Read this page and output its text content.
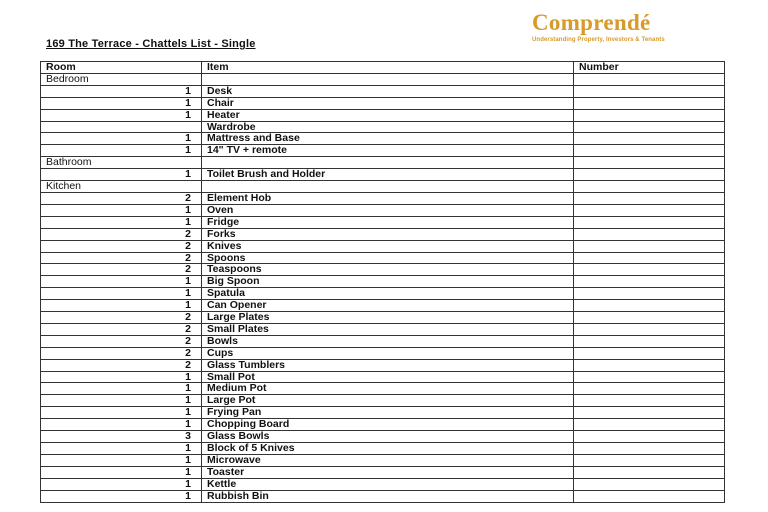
Comprendé
Understanding Property, Investors & Tenants
169 The Terrace - Chattels List - Single
Room	Item	Number
Bedroom		
1	Desk	
1	Chair	
1	Heater	
	Wardrobe	
1	Mattress and Base	
1	14" TV + remote	
Bathroom		
1	Toilet Brush and Holder	
Kitchen		
2	Element Hob	
1	Oven	
1	Fridge	
2	Forks	
2	Knives	
2	Spoons	
2	Teaspoons	
1	Big Spoon	
1	Spatula	
1	Can Opener	
2	Large Plates	
2	Small Plates	
2	Bowls	
2	Cups	
2	Glass Tumblers	
1	Small Pot	
1	Medium Pot	
1	Large Pot	
1	Frying Pan	
1	Chopping Board	
3	Glass Bowls	
1	Block of 5 Knives	
1	Microwave	
1	Toaster	
1	Kettle	
1	Rubbish Bin	
